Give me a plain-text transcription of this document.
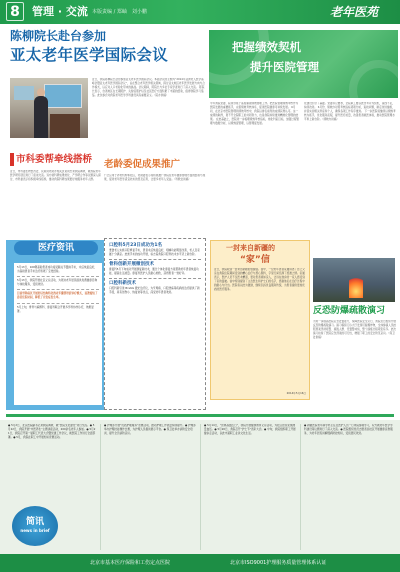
8	管理 · 交流 本版责编 / 郑岫　刘小鹏	老年医苑
陈柳院长赴台参加
亚太老年医学国际会议
近日，我院陈柳院长赴台参加亚太老年医学国际会议。本届会议的主题为“2014年亚洲老人医学高峰会暨亚太老年医学国际会议”，旨在整合老年医学相关领域，探讨亚太地区老年医学发展方向与合作模式，以应对人口老龄化带来的挑战。会议期间，陈院长与多位专家学者进行了深入交流。 陈院长表示，台湾地区在长期照护、失智症照护以及社区医疗方面积累了丰富的经验，值得我院学习借鉴。此次参会对我院老年医学学科建设具有重要意义。（院办供稿）
把握绩效契机
提升医院管理
今年我院党委、院领导班子高度重视绩效管理工作。把医院管理绩效考核作为医院发展的重要抓手，完善绩效考核体系，促进医院健康可持续发展。 6月初，在北京市医院管理局绩效考核中，我院以排名前列的成绩获得认可。这一成绩的取得，离不开全院职工的共同努力，也是我院持续推进精细化管理的结果。 在此基础上，医院进一步梳理绩效考核指标，细化科室目标，加强过程管理与数据分析，以绩效促管理，以管理促发展。
化建设打好了基础。党委书记要求，全院职工要以此次考评为契机，查找不足，持续改进。 6月份，绩效办对照考核指标逐项分析，查找问题，制定改进措施，并落实到相关科室和个人，确保各项工作有序推进。 下一步医院将继续以绩效考核为抓手，优化服务流程，提升医疗质量，改善患者就医体验，推动医院管理水平再上新台阶。（绩效办供稿）
市科委帮牵线搭桥
近日，市科委生物医药处、民政局老龄办相关负责同志来我院调研，就我院老年医学研究项目进行了座谈交流。双方就科研成果转化、产学研合作等议题深入探讨，市科委表示将积极牵线搭桥，推动我院科研成果更好地服务老年人群。
老龄委促成果推广
广泛应用于养老机构和社区，老龄委表示将积极推广我院在老年健康管理方面的经验与成果，促进老年医学适宜技术的普及应用，让更多老年人受益。（科教处供稿）
医疗资讯
5月13日，109例高龄患者成功接受髋关节置换手术，术后恢复良好，为高龄患者手术治疗积累了宝贵经验。
5月13日，我院开展社区义诊活动，为周边老年居民提供免费健康咨询与体检服务，受到欢迎。
目前骨科病区开展的以结构特化的老年髋部骨折诊疗模式，显著缩短了患者住院时间，降低了并发症发生率。
5月上旬，骨科与麻醉科、康复科联合开展多学科协作诊疗，效果显著。
口腔科5月23日成功为1名
耄耋老人实施口腔修复手术，患者术后恢复良好，咀嚼功能明显改善，老人及家属十分满意。此类手术的成功开展，标志着我院口腔科技术水平迈上新台阶。
骨科创新开展微创技术
康复科5月下旬成功开展康复新技术，通过个体化康复方案帮助老年患者恢复功能，提高生活质量。康复科医护人员耐心细致，获得患者一致好评。
口腔科新技术
口腔科新引进 Bi-VAG 激光治疗仪，为牙周病、口腔溃疡等疾病的治疗提供了新手段，具有创伤小、恢复快等优点，深受老年患者欢迎。
一封来自新疆的
“家”信
近日，我院收到一封来自新疆的感谢信。信中，一位老年患者家属讲述了自己父亲在我院住院期间受到的精心治疗与悉心照料，字里行间充满了感激之情。家属表示，医护人员不仅医术精湛，更对患者视如亲人，让远在他乡的一家人感受到了家的温暖。信中特别提到了主治医生和护士们的名字，感谢他们在治疗过程中的耐心与付出。医院将以此为激励，继续弘扬优良服务传统，为患者提供更加优质的医疗服务。
2014年5月16日
反恐防爆疏散演习
为进一步提高医院应急处置能力，保障医院安全运行，我院近日组织开展反恐防爆疏散演习。演习模拟门诊大厅发现可疑爆炸物，全体参演人员按照预案迅速报警、疏散人群、设置警戒线，整个演练过程紧张有序。此次演习检验了医院应急预案的可行性，增强了职工的安全防范意识。（保卫处供稿）
● 5月2日，北京医院副书记来我院调研，就“医院文化建设”进行交流。● 5月22日，我院开展“中医养生”主题讲座活动，200余名老年人参加。● 5月21日，我院召开第一届职工代表大会暨党建工作会议，就医院工作进行全面部署。● 5月，我院在职工中开展知识竞赛活动。
● 护理部开展“优质护理服务”竞赛活动，推动护理工作质量持续提升。● 护理部举办护理技能操作比赛，为护理人员提供展示平台。● 保卫处举办消防安全培训，提升全员消防意识。
● 5月14日，“世界高血压日”，我院开展健康教育义诊活动，为社区居民免费测量血压。● 5月20日，我院召开“护士节”表彰大会。● 中旬，我院组织职工开展健步走活动，以此丰富职工业余文化生活。
● 新疆医院老年病学科主任及医护人员一行来院参观学习，双方就老年医学学科建设等议题进行了深入交流。● 医院组织党员志愿者到社区开展健康宣教服务，为老年居民讲解慢病防控知识，受到居民欢迎。
简讯
news in brief
北京市基本医疗保险和工伤定点医院	北京市ISO9001护理服务质量管理体系认证
